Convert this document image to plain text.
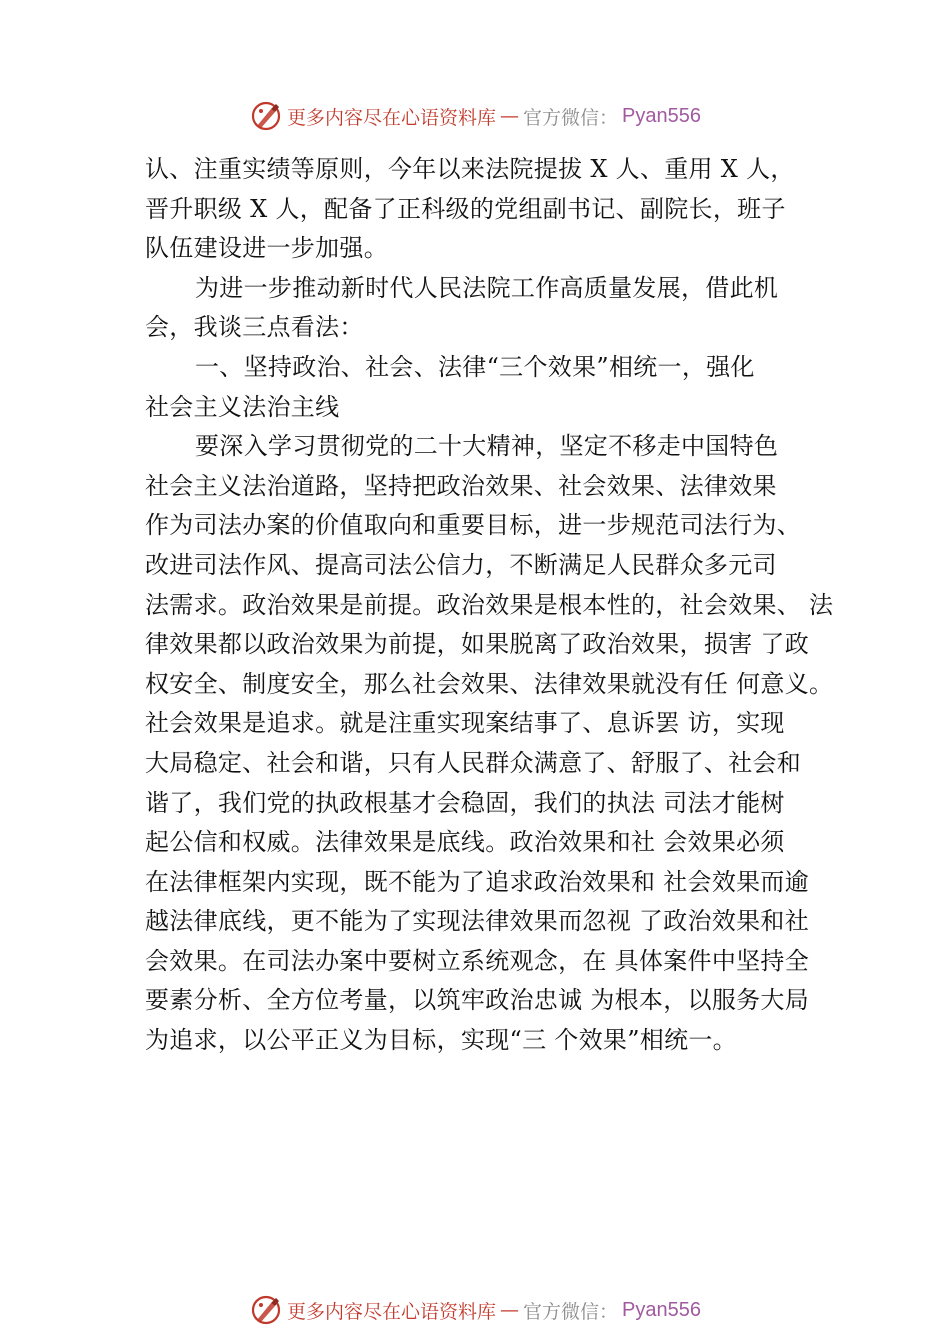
更多内容尽在心语资料库 — 官方微信： Pyan556
认、注重实绩等原则，今年以来法院提拔 X 人、重用 X 人，
晋升职级 X 人，配备了正科级的党组副书记、副院长，班子
队伍建设进一步加强。
为进一步推动新时代人民法院工作高质量发展，借此机
会，我谈三点看法：
一、坚持政治、社会、法律“三个效果”相统一，强化
社会主义法治主线
要深入学习贯彻党的二十大精神，坚定不移走中国特色
社会主义法治道路，坚持把政治效果、社会效果、法律效果
作为司法办案的价值取向和重要目标，进一步规范司法行为、
改进司法作风、提高司法公信力，不断满足人民群众多元司
法需求。政治效果是前提。政治效果是根本性的，社会效果、 法
律效果都以政治效果为前提，如果脱离了政治效果，损害 了政
权安全、制度安全，那么社会效果、法律效果就没有任 何意义。
社会效果是追求。就是注重实现案结事了、息诉罢 访，实现
大局稳定、社会和谐，只有人民群众满意了、舒服了、社会和
谐了，我们党的执政根基才会稳固，我们的执法 司法才能树
起公信和权威。法律效果是底线。政治效果和社 会效果必须
在法律框架内实现，既不能为了追求政治效果和 社会效果而逾
越法律底线，更不能为了实现法律效果而忽视 了政治效果和社
会效果。在司法办案中要树立系统观念，在 具体案件中坚持全
要素分析、全方位考量，以筑牢政治忠诚 为根本，以服务大局
为追求，以公平正义为目标，实现“三 个效果”相统一。
更多内容尽在心语资料库 — 官方微信： Pyan556
